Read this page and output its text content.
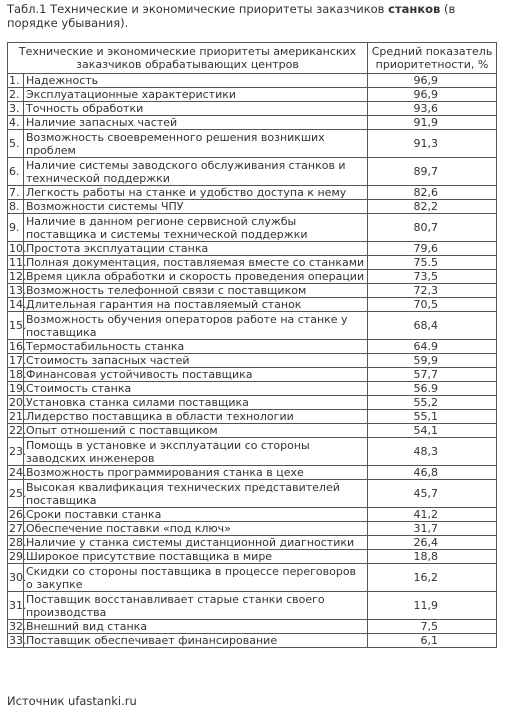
Табл.1 Технические и экономические приоритеты заказчиков станков (в порядке убывания).
Технические и экономические приоритеты американских заказчиков обрабатывающих центров		Средний показатель приоритетности, %
1.	Надежность	96,9
2.	Эксплуатационные характеристики	96,9
3.	Точность обработки	93,6
4.	Наличие запасных частей	91,9
5.	Возможность своевременного решения возникших проблем	91,3
6.	Наличие системы заводского обслуживания станков и технической поддержки	89,7
7.	Легкость работы на станке и удобство доступа к нему	82,6
8.	Возможности системы ЧПУ	82,2
9.	Наличие в данном регионе сервисной службы поставщика и системы технической поддержки	80,7
10.	Простота эксплуатации станка	79,6
11.	Полная документация, поставляемая вместе со станками	75.5
12.	Время цикла обработки и скорость проведения операции	73,5
13.	Возможность телефонной связи с поставщиком	72,3
14.	Длительная гарантия на поставляемый станок	70,5
15.	Возможность обучения операторов работе на станке у поставщика	68,4
16.	Термостабильность станка	64.9
17.	Стоимость запасных частей	59,9
18.	Финансовая устойчивость поставщика	57,7
19.	Стоимость станка	56.9
20.	Установка станка силами поставщика	55,2
21.	Лидерство поставщика в области технологии	55,1
22.	Опыт отношений с поставщиком	54,1
23.	Помощь в установке и эксплуатации со стороны заводских инженеров	48,3
24.	Возможность программирования станка в цехе	46,8
25.	Высокая квалификация технических представителей поставщика	45,7
26.	Сроки поставки станка	41,2
27.	Обеспечение поставки «под ключ»	31,7
28.	Наличие у станка системы дистанционной диагностики	26,4
29.	Широкое присутствие поставщика в мире	18,8
30.	Скидки со стороны поставщика в процессе переговоров о закупке	16,2
31.	Поставщик восстанавливает старые станки своего производства	11,9
32.	Внешний вид станка	7,5
33.	Поставщик обеспечивает финансирование	6,1
Источник ufastanki.ru
